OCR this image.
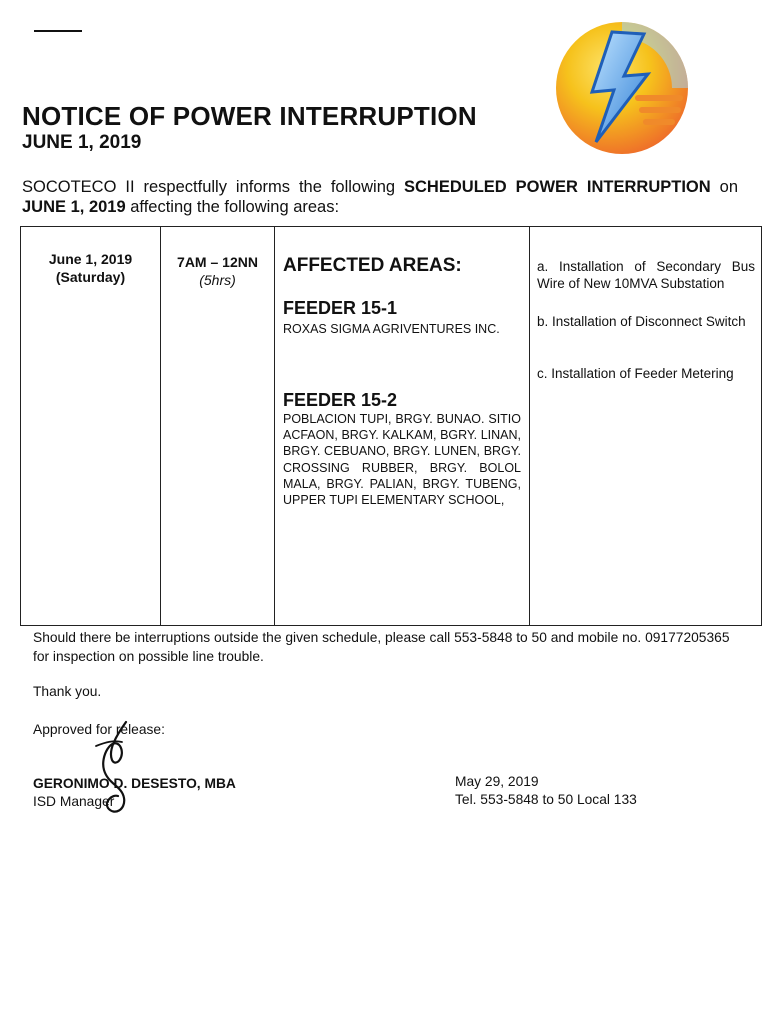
NOTICE OF POWER INTERRUPTION
JUNE 1, 2019

SOCOTECO II respectfully informs the following SCHEDULED POWER INTERRUPTION on JUNE 1, 2019 affecting the following areas:

June 1, 2019
(Saturday)
7AM – 12NN
(5hrs)
AFFECTED AREAS:
FEEDER 15-1
ROXAS SIGMA AGRIVENTURES INC.
FEEDER 15-2
POBLACION TUPI, BRGY. BUNAO. SITIO ACFAON, BRGY. KALKAM, BGRY. LINAN, BRGY. CEBUANO, BRGY. LUNEN, BRGY. CROSSING RUBBER, BRGY. BOLOL MALA, BRGY. PALIAN, BRGY. TUBENG, UPPER TUPI ELEMENTARY SCHOOL,
a. Installation of Secondary Bus Wire of New 10MVA Substation
b. Installation of Disconnect Switch
c. Installation of Feeder Metering

Should there be interruptions outside the given schedule, please call 553-5848 to 50 and mobile no. 09177205365 for inspection on possible line trouble.

Thank you.
Approved for release:
GERONIMO D. DESESTO, MBA
ISD Manager
May 29, 2019
Tel. 553-5848 to 50 Local 133
